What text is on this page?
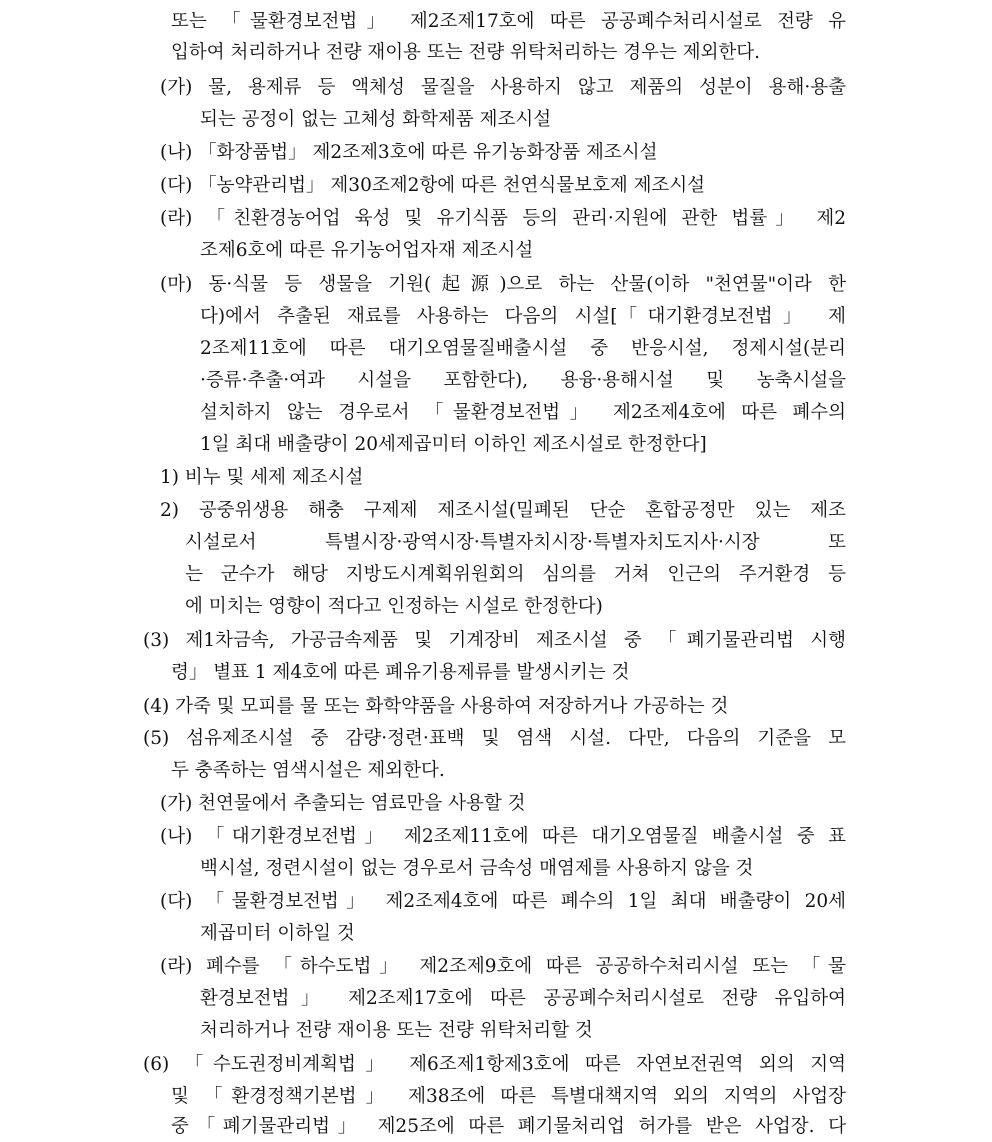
또는 「물환경보전법」 제2조제17호에 따른 공공폐수처리시설로 전량 유
입하여 처리하거나 전량 재이용 또는 전량 위탁처리하는 경우는 제외한다.
(가) 물, 용제류 등 액체성 물질을 사용하지 않고 제품의 성분이 용해·용출
되는 공정이 없는 고체성 화학제품 제조시설
(나) 「화장품법」 제2조제3호에 따른 유기농화장품 제조시설
(다) 「농약관리법」 제30조제2항에 따른 천연식물보호제 제조시설
(라) 「친환경농어업 육성 및 유기식품 등의 관리·지원에 관한 법률」 제2
조제6호에 따른 유기농어업자재 제조시설
(마) 동·식물 등 생물을 기원(起源)으로 하는 산물(이하 "천연물"이라 한
다)에서 추출된 재료를 사용하는 다음의 시설[「대기환경보전법」 제
2조제11호에 따른 대기오염물질배출시설 중 반응시설, 정제시설(분리
·증류·추출·여과 시설을 포함한다), 용융·용해시설 및 농축시설을
설치하지 않는 경우로서 「물환경보전법」 제2조제4호에 따른 폐수의
1일 최대 배출량이 20세제곱미터 이하인 제조시설로 한정한다]
1) 비누 및 세제 제조시설
2) 공중위생용 해충 구제제 제조시설(밀폐된 단순 혼합공정만 있는 제조
시설로서 특별시장·광역시장·특별자치시장·특별자치도지사·시장 또
는 군수가 해당 지방도시계획위원회의 심의를 거쳐 인근의 주거환경 등
에 미치는 영향이 적다고 인정하는 시설로 한정한다)
(3) 제1차금속, 가공금속제품 및 기계장비 제조시설 중 「폐기물관리법 시행
령」 별표 1 제4호에 따른 폐유기용제류를 발생시키는 것
(4) 가죽 및 모피를 물 또는 화학약품을 사용하여 저장하거나 가공하는 것
(5) 섬유제조시설 중 감량·정련·표백 및 염색 시설. 다만, 다음의 기준을 모
두 충족하는 염색시설은 제외한다.
(가) 천연물에서 추출되는 염료만을 사용할 것
(나) 「대기환경보전법」 제2조제11호에 따른 대기오염물질 배출시설 중 표
백시설, 정련시설이 없는 경우로서 금속성 매염제를 사용하지 않을 것
(다) 「물환경보전법」 제2조제4호에 따른 폐수의 1일 최대 배출량이 20세
제곱미터 이하일 것
(라) 폐수를 「하수도법」 제2조제9호에 따른 공공하수처리시설 또는 「물
환경보전법」 제2조제17호에 따른 공공폐수처리시설로 전량 유입하여
처리하거나 전량 재이용 또는 전량 위탁처리할 것
(6) 「수도권정비계획법」 제6조제1항제3호에 따른 자연보전권역 외의 지역
및 「환경정책기본법」 제38조에 따른 특별대책지역 외의 지역의 사업장
중「폐기물관리법」 제25조에 따른 폐기물처리업 허가를 받은 사업장. 다
